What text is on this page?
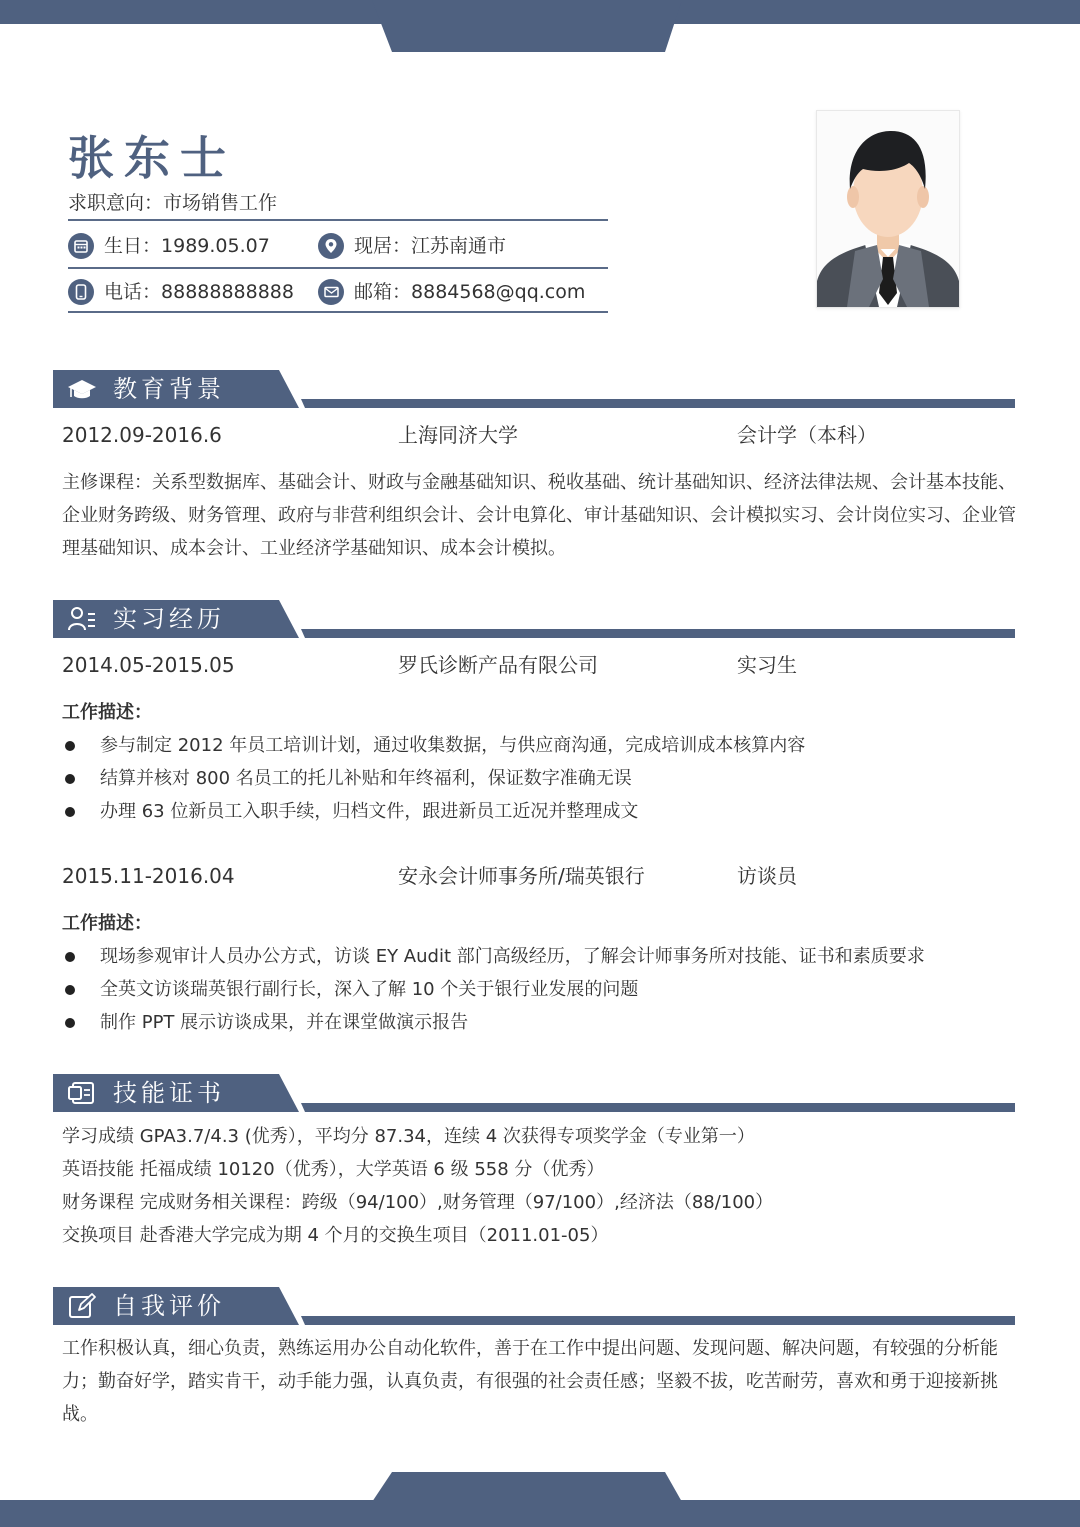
张东士
求职意向：市场销售工作
生日： 1989.05.07	现居： 江苏南通市
电话： 88888888888	邮箱： 8884568@qq.com
教育背景
2012.09-2016.6	上海同济大学	会计学（本科）
主修课程：关系型数据库、基础会计、财政与金融基础知识、税收基础、统计基础知识、经济法律法规、会计基本技能、企业财务跨级、财务管理、政府与非营利组织会计、会计电算化、审计基础知识、会计模拟实习、会计岗位实习、企业管理基础知识、成本会计、工业经济学基础知识、成本会计模拟。
实习经历
2014.05-2015.05	罗氏诊断产品有限公司	实习生
工作描述：
参与制定 2012 年员工培训计划，通过收集数据，与供应商沟通，完成培训成本核算内容
结算并核对 800 名员工的托儿补贴和年终福利，保证数字准确无误
办理 63 位新员工入职手续，归档文件，跟进新员工近况并整理成文
2015.11-2016.04	安永会计师事务所/瑞英银行	访谈员
工作描述：
现场参观审计人员办公方式，访谈 EY Audit 部门高级经历，了解会计师事务所对技能、证书和素质要求
全英文访谈瑞英银行副行长，深入了解 10 个关于银行业发展的问题
制作 PPT 展示访谈成果，并在课堂做演示报告
技能证书
学习成绩 GPA3.7/4.3 (优秀），平均分 87.34，连续 4 次获得专项奖学金（专业第一）
英语技能 托福成绩 10120（优秀），大学英语 6 级 558 分（优秀）
财务课程 完成财务相关课程：跨级（94/100）,财务管理（97/100）,经济法（88/100）
交换项目 赴香港大学完成为期 4 个月的交换生项目（2011.01-05）
自我评价
工作积极认真，细心负责，熟练运用办公自动化软件，善于在工作中提出问题、发现问题、解决问题，有较强的分析能力；勤奋好学，踏实肯干，动手能力强，认真负责，有很强的社会责任感；坚毅不拔，吃苦耐劳，喜欢和勇于迎接新挑战。
